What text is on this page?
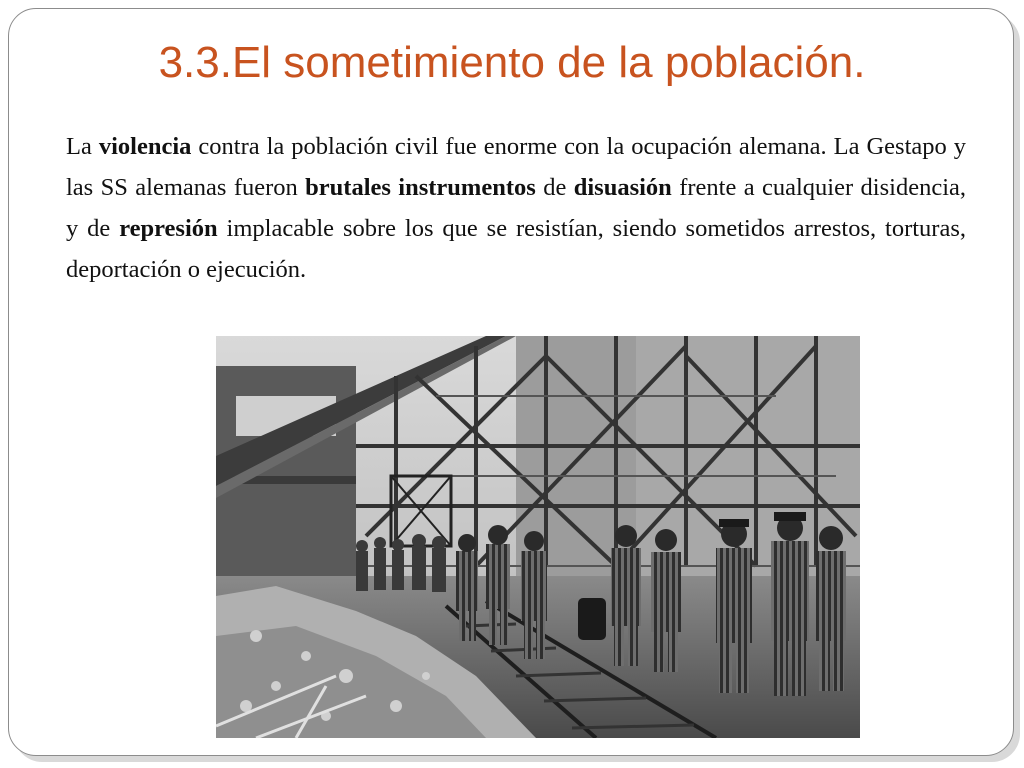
3.3.El sometimiento de la población.
La violencia contra la población civil fue enorme con la ocupación alemana. La Gestapo y las SS alemanas fueron brutales instrumentos de disuasión frente a cualquier disidencia, y de represión implacable sobre los que se resistían, siendo sometidos arrestos, torturas, deportación o ejecución.
